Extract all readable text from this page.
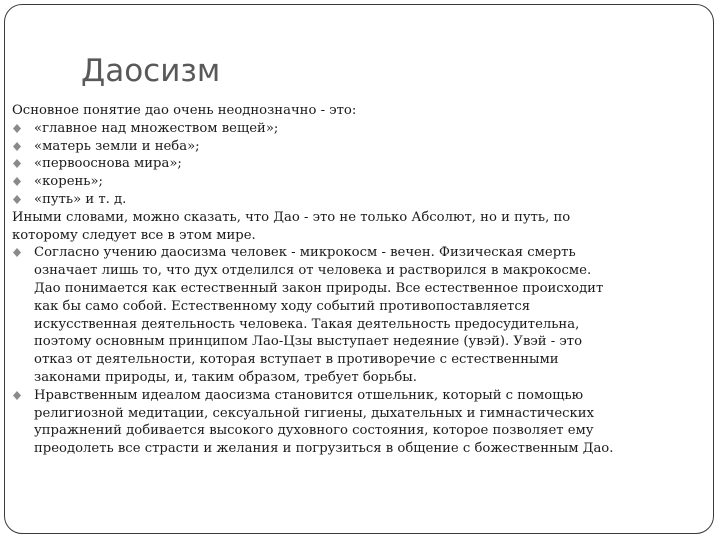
Даосизм

Основное понятие дао очень неоднозначно - это:

«главное над множеством вещей»;
«матерь земли и неба»;
«первооснова мира»;
«корень»;
«путь» и т. д.

Иными словами, можно сказать, что Дао - это не только Абсолют, но и путь, по

которому следует все в этом мире.

Согласно учению даосизма человек - микрокосм - вечен. Физическая смерть
означает лишь то, что дух отделился от человека и растворился в макрокосме.
Дао понимается как естественный закон природы. Все естественное происходит
как бы само собой. Естественному ходу событий противопоставляется
искусственная деятельность человека. Такая деятельность предосудительна,
поэтому основным принципом Лао-Цзы выступает недеяние (увэй). Увэй - это
отказ от деятельности, которая вступает в противоречие с естественными
законами природы, и, таким образом, требует борьбы.
Нравственным идеалом даосизма становится отшельник, который с помощью
религиозной медитации, сексуальной гигиены, дыхательных и гимнастических
упражнений добивается высокого духовного состояния, которое позволяет ему
преодолеть все страсти и желания и погрузиться в общение с божественным Дао.
